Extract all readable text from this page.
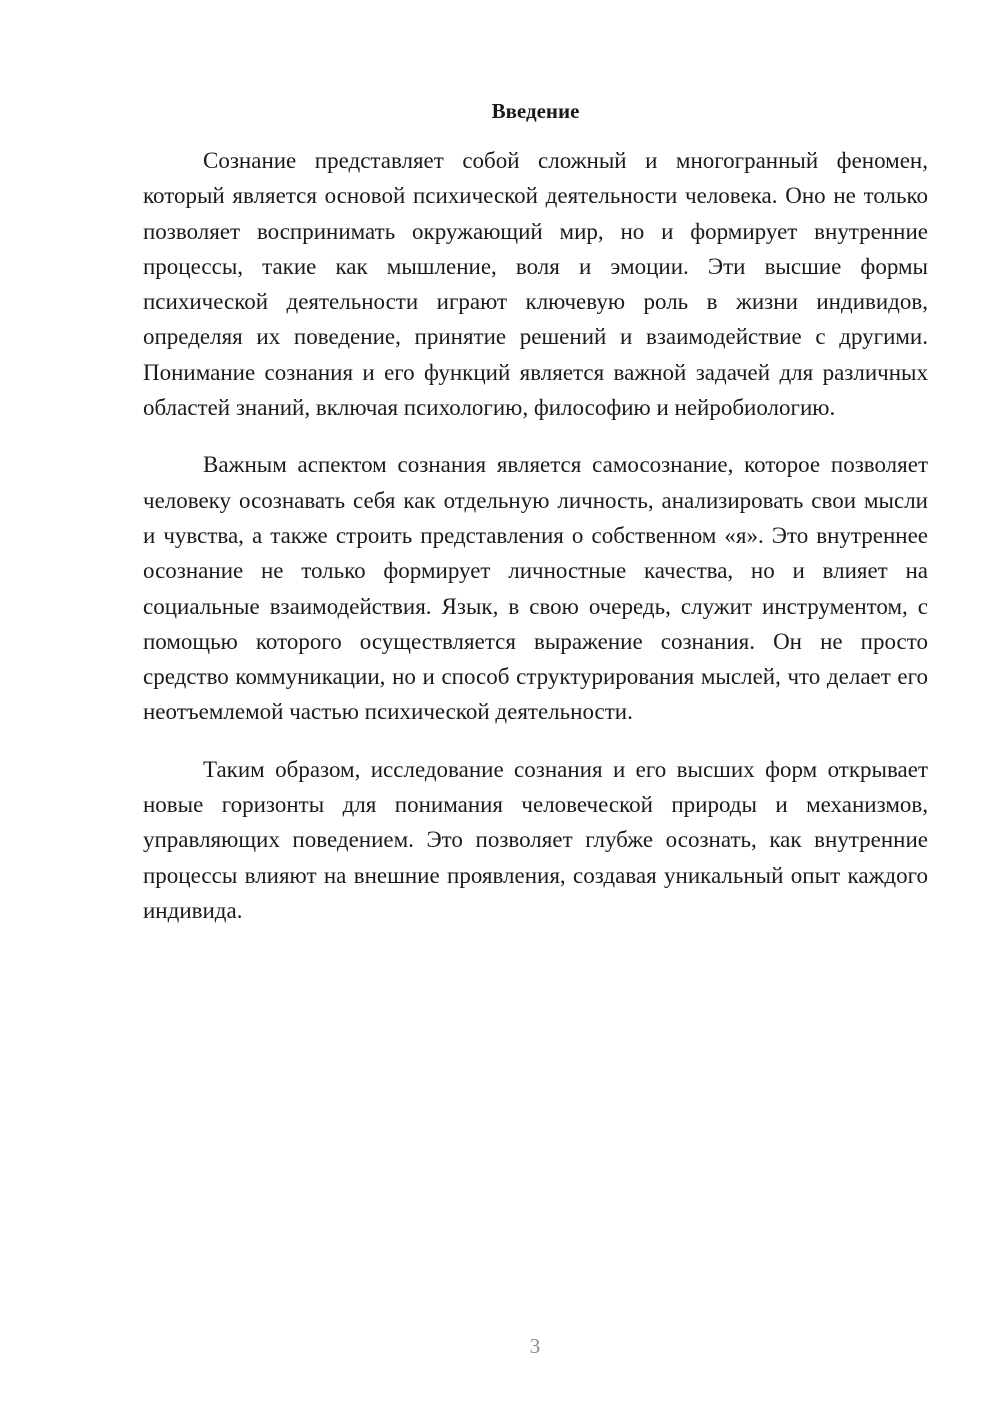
Введение

Сознание представляет собой сложный и многогранный феномен, который является основой психической деятельности человека. Оно не только позволяет воспринимать окружающий мир, но и формирует внутренние процессы, такие как мышление, воля и эмоции. Эти высшие формы психической деятельности играют ключевую роль в жизни индивидов, определяя их поведение, принятие решений и взаимодействие с другими. Понимание сознания и его функций является важной задачей для различных областей знаний, включая психологию, философию и нейробиологию.

Важным аспектом сознания является самосознание, которое позволяет человеку осознавать себя как отдельную личность, анализировать свои мысли и чувства, а также строить представления о собственном «я». Это внутреннее осознание не только формирует личностные качества, но и влияет на социальные взаимодействия. Язык, в свою очередь, служит инструментом, с помощью которого осуществляется выражение сознания. Он не просто средство коммуникации, но и способ структурирования мыслей, что делает его неотъемлемой частью психической деятельности.

Таким образом, исследование сознания и его высших форм открывает новые горизонты для понимания человеческой природы и механизмов, управляющих поведением. Это позволяет глубже осознать, как внутренние процессы влияют на внешние проявления, создавая уникальный опыт каждого индивида.

3
